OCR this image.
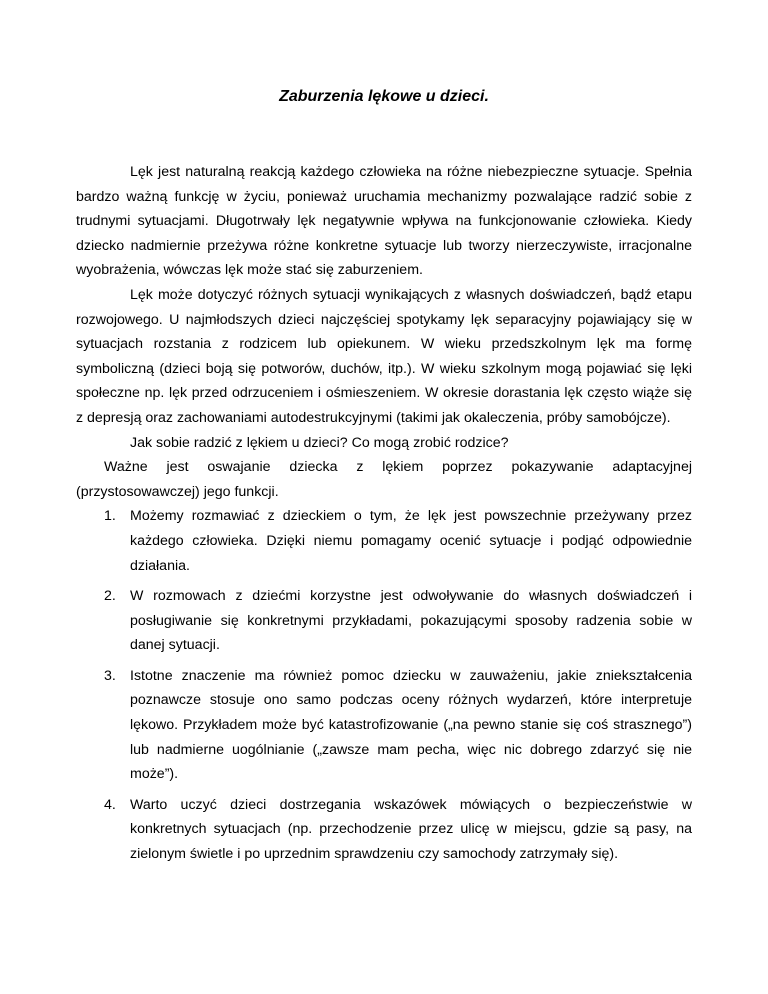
Zaburzenia lękowe u dzieci.

Lęk jest naturalną reakcją każdego człowieka na różne niebezpieczne sytuacje. Spełnia bardzo ważną funkcję w życiu, ponieważ uruchamia mechanizmy pozwalające radzić sobie z trudnymi sytuacjami. Długotrwały lęk negatywnie wpływa na funkcjonowanie człowieka. Kiedy dziecko nadmiernie przeżywa różne konkretne sytuacje lub tworzy nierzeczywiste, irracjonalne wyobrażenia, wówczas lęk może stać się zaburzeniem.

Lęk może dotyczyć różnych sytuacji wynikających z własnych doświadczeń, bądź etapu rozwojowego. U najmłodszych dzieci najczęściej spotykamy lęk separacyjny pojawiający się w sytuacjach rozstania z rodzicem lub opiekunem. W wieku przedszkolnym lęk ma formę symboliczną (dzieci boją się potworów, duchów, itp.). W wieku szkolnym mogą pojawiać się lęki społeczne np. lęk przed odrzuceniem i ośmieszeniem. W okresie dorastania lęk często wiąże się z depresją oraz zachowaniami autodestrukcyjnymi (takimi jak okaleczenia, próby samobójcze).

Jak sobie radzić z lękiem u dzieci? Co mogą zrobić rodzice?

Ważne jest oswajanie dziecka z lękiem poprzez pokazywanie adaptacyjnej (przystosowawczej) jego funkcji.

1. Możemy rozmawiać z dzieckiem o tym, że lęk jest powszechnie przeżywany przez każdego człowieka. Dzięki niemu pomagamy ocenić sytuacje i podjąć odpowiednie działania.
2. W rozmowach z dziećmi korzystne jest odwoływanie do własnych doświadczeń i posługiwanie się konkretnymi przykładami, pokazującymi sposoby radzenia sobie w danej sytuacji.
3. Istotne znaczenie ma również pomoc dziecku w zauważeniu, jakie zniekształcenia poznawcze stosuje ono samo podczas oceny różnych wydarzeń, które interpretuje lękowo. Przykładem może być katastrofizowanie („na pewno stanie się coś strasznego”) lub nadmierne uogólnianie („zawsze mam pecha, więc nic dobrego zdarzyć się nie może”).
4. Warto uczyć dzieci dostrzegania wskazówek mówiących o bezpieczeństwie w konkretnych sytuacjach (np. przechodzenie przez ulicę w miejscu, gdzie są pasy, na zielonym świetle i po uprzednim sprawdzeniu czy samochody zatrzymały się).
